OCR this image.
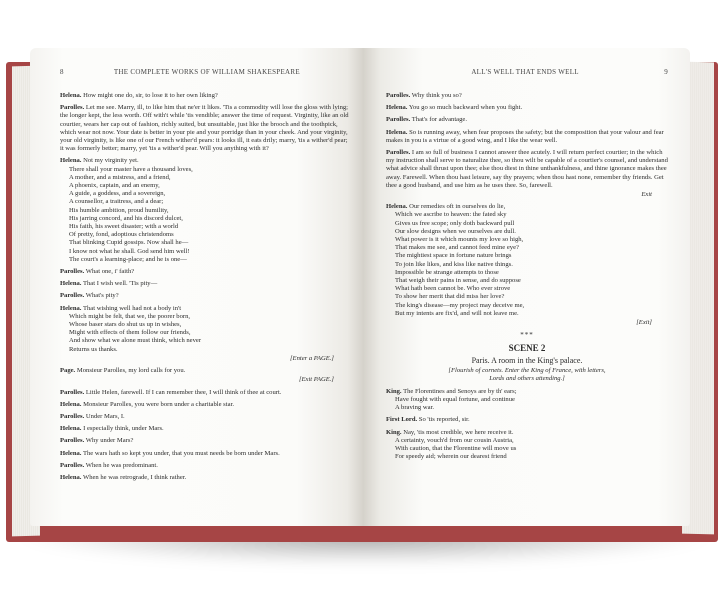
8	THE COMPLETE WORKS OF WILLIAM SHAKESPEARE

Helena. How might one do, sir, to lose it to her own liking?

Parolles. Let me see. Marry, ill, to like him that ne'er it likes. 'Tis a commodity will lose the gloss with lying; the longer kept, the less worth. Off with't while 'tis vendible; answer the time of request. Virginity, like an old courtier, wears her cap out of fashion, richly suited, but unsuitable, just like the brooch and the toothpick, which wear not now. Your date is better in your pie and your porridge than in your cheek. And your virginity, your old virginity, is like one of our French wither'd pears: it looks ill, it eats drily; marry, 'tis a wither'd pear; it was formerly better; marry, yet 'tis a wither'd pear. Will you anything with it?

Helena. Not my virginity yet.

There shall your master have a thousand loves,

A mother, and a mistress, and a friend,

A phoenix, captain, and an enemy,

A guide, a goddess, and a sovereign,

A counsellor, a traitress, and a dear;

His humble ambition, proud humility,

His jarring concord, and his discord dulcet,

His faith, his sweet disaster; with a world

Of pretty, fond, adoptious christendoms

That blinking Cupid gossips. Now shall he—

I know not what he shall. God send him well!

The court's a learning-place; and he is one—

Parolles. What one, i' faith?

Helena. That I wish well. 'Tis pity—

Parolles. What's pity?

Helena. That wishing well had not a body in't

Which might be felt, that we, the poorer born,

Whose baser stars do shut us up in wishes,

Might with effects of them follow our friends,

And show what we alone must think, which never

Returns us thanks.

[Enter a PAGE.]

Page. Monsieur Parolles, my lord calls for you.

[Exit PAGE.]

Parolles. Little Helen, farewell. If I can remember thee, I will think of thee at court.

Helena. Monsieur Parolles, you were born under a charitable star.

Parolles. Under Mars, I.

Helena. I especially think, under Mars.

Parolles. Why under Mars?

Helena. The wars hath so kept you under, that you must needs be born under Mars.

Parolles. When he was predominant.

Helena. When he was retrograde, I think rather.

ALL'S WELL THAT ENDS WELL	9

Parolles. Why think you so?

Helena. You go so much backward when you fight.

Parolles. That's for advantage.

Helena. So is running away, when fear proposes the safety; but the composition that your valour and fear makes in you is a virtue of a good wing, and I like the wear well.

Parolles. I am so full of business I cannot answer thee acutely. I will return perfect courtier; in the which my instruction shall serve to naturalize thee, so thou wilt be capable of a courtier's counsel, and understand what advice shall thrust upon thee; else thou diest in thine unthankfulness, and thine ignorance makes thee away. Farewell. When thou hast leisure, say thy prayers; when thou hast none, remember thy friends. Get thee a good husband, and use him as he uses thee. So, farewell.

Exit

Helena. Our remedies oft in ourselves do lie,

Which we ascribe to heaven: the fated sky

Gives us free scope; only doth backward pull

Our slow designs when we ourselves are dull.

What power is it which mounts my love so high,

That makes me see, and cannot feed mine eye?

The mightiest space in fortune nature brings

To join like likes, and kiss like native things.

Impossible be strange attempts to those

That weigh their pains in sense, and do suppose

What hath been cannot be. Who ever strove

To show her merit that did miss her love?

The king's disease—my project may deceive me,

But my intents are fix'd, and will not leave me.

[Exit]

***
SCENE 2
Paris. A room in the King's palace.
[Flourish of cornets. Enter the King of France, with letters,
Lords and others attending.]

King. The Florentines and Senoys are by th' ears;

Have fought with equal fortune, and continue

A braving war.

First Lord. So 'tis reported, sir.

King. Nay, 'tis most credible, we here receive it.

A certainty, vouch'd from our cousin Austria,

With caution, that the Florentine will move us

For speedy aid; wherein our dearest friend
